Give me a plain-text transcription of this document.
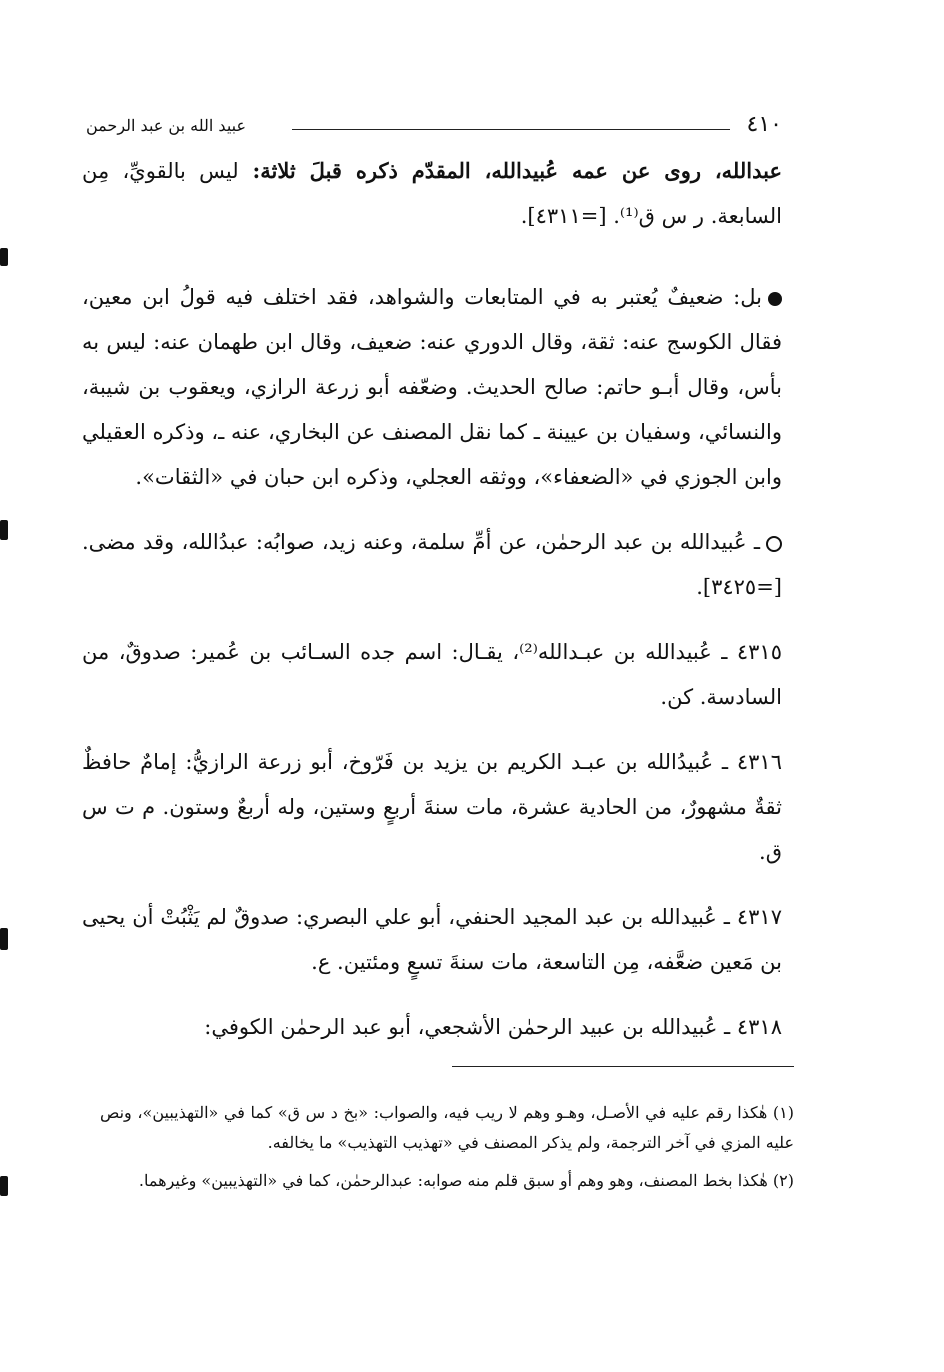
٤١٠
عبيد الله بن عبد الرحمن

عبدالله، روى عن عمه عُبيدالله، المقدّم ذكره قبلَ ثلاثة: ليس بالقويِّ، مِن السابعة. ر س ق⁽¹⁾. [=٤٣١١].

بل: ضعيفٌ يُعتبر به في المتابعات والشواهد، فقد اختلف فيه قولُ ابن معين، فقال الكوسج عنه: ثقة، وقال الدوري عنه: ضعيف، وقال ابن طهمان عنه: ليس به بأس، وقال أبـو حاتم: صالح الحديث. وضعّفه أبو زرعة الرازي، ويعقوب بن شيبة، والنسائي، وسفيان بن عيينة ـ كما نقل المصنف عن البخاري، عنه ـ، وذكره العقيلي وابن الجوزي في «الضعفاء»، ووثقه العجلي، وذكره ابن حبان في «الثقات».

ـ عُبيدالله بن عبد الرحمٰن، عن أمِّ سلمة، وعنه زيد، صوابُه: عبدُالله، وقد مضى. [=٣٤٢٥].

٤٣١٥ ـ عُبيدالله بن عبـدالله⁽²⁾، يقـال: اسم جده السـائب بن عُمير: صدوقٌ، من السادسة. كن.

٤٣١٦ ـ عُبيدُالله بن عبـد الكريم بن يزيد بن فَرّوخ، أبو زرعة الرازيُّ: إمامٌ حافظٌ ثقةٌ مشهورٌ، من الحادية عشرة، مات سنةَ أربعٍ وستين، وله أربعٌ وستون. م ت س ق.

٤٣١٧ ـ عُبيدالله بن عبد المجيد الحنفي، أبو علي البصري: صدوقٌ لم يَثْبُتْ أن يحيى بن مَعين ضعَّفه، مِن التاسعة، مات سنةَ تسعٍ ومئتين. ع.

٤٣١٨ ـ عُبيدالله بن عبيد الرحمٰن الأشجعي، أبو عبد الرحمٰن الكوفي:

(١) هٰكذا رقم عليه في الأصـل، وهـو وهم لا ريب فيه، والصواب: «بخ د س ق» كما في «التهذيبين»، ونص عليه المزي في آخر الترجمة، ولم يذكر المصنف في «تهذيب التهذيب» ما يخالفه.

(٢) هٰكذا بخط المصنف، وهو وهم أو سبق قلم منه صوابه: عبدالرحمٰن، كما في «التهذيبين» وغيرهما.
